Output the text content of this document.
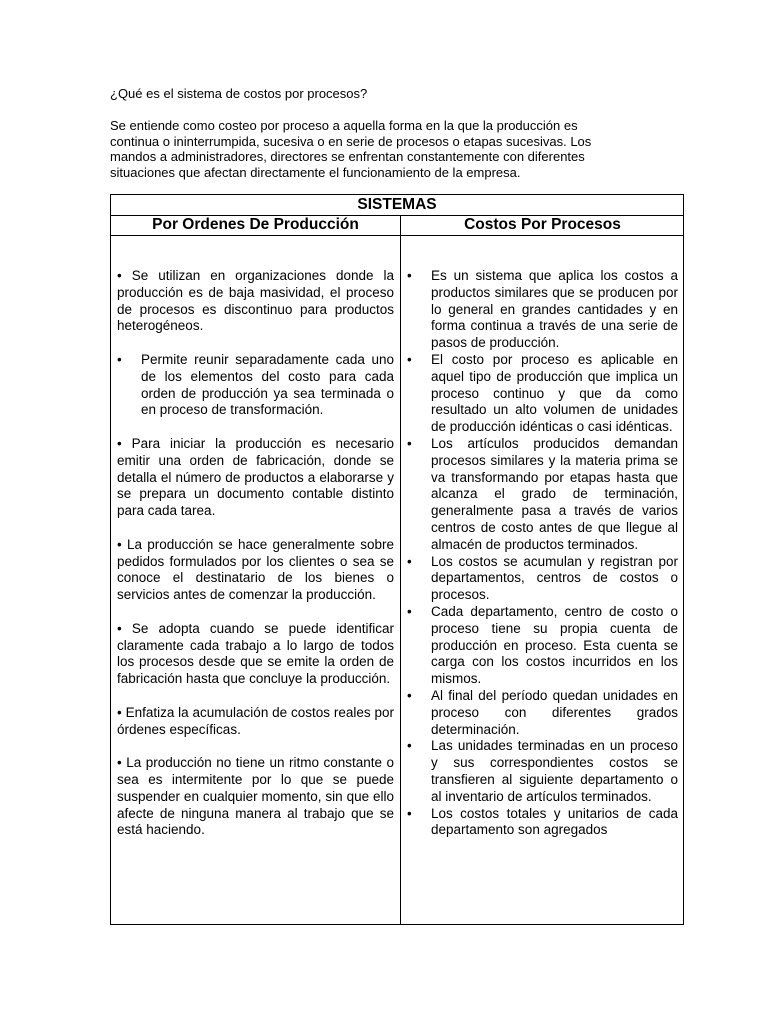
¿Qué es el sistema de costos por procesos?
Se entiende como costeo por proceso a aquella forma en la que la producción es
continua o ininterrumpida, sucesiva o en serie de procesos o etapas sucesivas. Los
mandos a administradores, directores se enfrentan constantemente con diferentes
situaciones que afectan directamente el funcionamiento de la empresa.
SISTEMAS
Por Ordenes De Producción	Costos Por Procesos

• Se utilizan en organizaciones donde la producción es de baja masividad, el proceso de procesos es discontinuo para productos heterogéneos.

• Permite reunir separadamente cada uno de los elementos del costo para cada orden de producción ya sea terminada o en proceso de transformación.

• Para iniciar la producción es necesario emitir una orden de fabricación, donde se detalla el número de productos a elaborarse y se prepara un documento contable distinto para cada tarea.

• La producción se hace generalmente sobre pedidos formulados por los clientes o sea se conoce el destinatario de los bienes o servicios antes de comenzar la producción.

• Se adopta cuando se puede identificar claramente cada trabajo a lo largo de todos los procesos desde que se emite la orden de fabricación hasta que concluye la producción.

• Enfatiza la acumulación de costos reales por órdenes específicas.

• La producción no tiene un ritmo constante o sea es intermitente por lo que se puede suspender en cualquier momento, sin que ello afecte de ninguna manera al trabajo que se está haciendo.

• Es un sistema que aplica los costos a productos similares que se producen por lo general en grandes cantidades y en forma continua a través de una serie de pasos de producción.
• El costo por proceso es aplicable en aquel tipo de producción que implica un proceso continuo y que da como resultado un alto volumen de unidades de producción idénticas o casi idénticas.
• Los artículos producidos demandan procesos similares y la materia prima se va transformando por etapas hasta que alcanza el grado de terminación, generalmente pasa a través de varios centros de costo antes de que llegue al almacén de productos terminados.
• Los costos se acumulan y registran por departamentos, centros de costos o procesos.
• Cada departamento, centro de costo o proceso tiene su propia cuenta de producción en proceso. Esta cuenta se carga con los costos incurridos en los mismos.
• Al final del período quedan unidades en proceso con diferentes grados determinación.
• Las unidades terminadas en un proceso y sus correspondientes costos se transfieren al siguiente departamento o al inventario de artículos terminados.
• Los costos totales y unitarios de cada departamento son agregados
